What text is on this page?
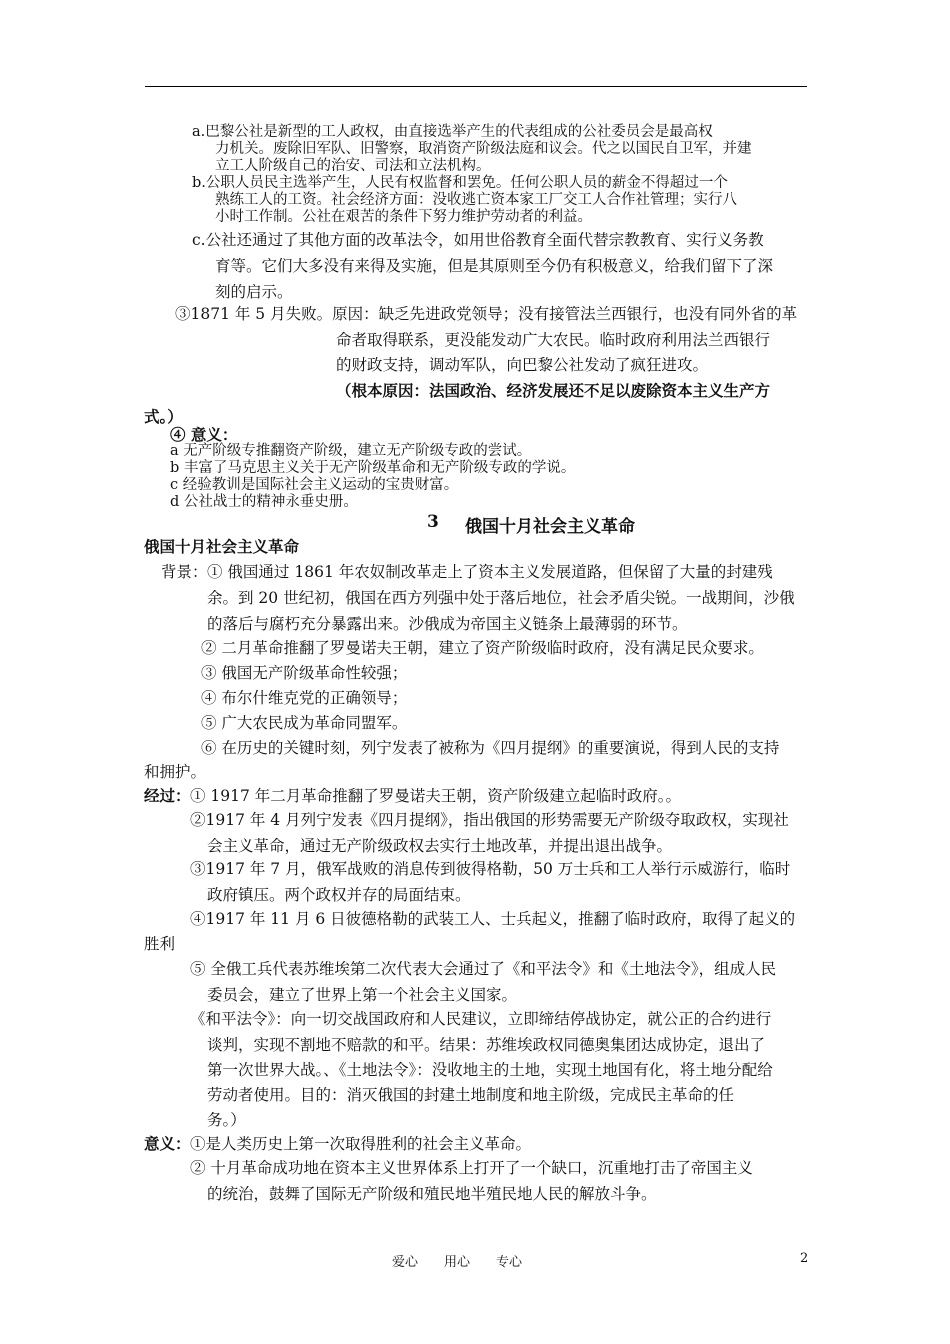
a.巴黎公社是新型的工人政权，由直接选举产生的代表组成的公社委员会是最高权
力机关。废除旧军队、旧警察，取消资产阶级法庭和议会。代之以国民自卫军，并建
立工人阶级自己的治安、司法和立法机构。
b.公职人员民主选举产生，人民有权监督和罢免。任何公职人员的薪金不得超过一个
熟练工人的工资。社会经济方面：没收逃亡资本家工厂交工人合作社管理；实行八
小时工作制。公社在艰苦的条件下努力维护劳动者的利益。
c.公社还通过了其他方面的改革法令，如用世俗教育全面代替宗教教育、实行义务教
育等。它们大多没有来得及实施，但是其原则至今仍有积极意义，给我们留下了深
刻的启示。
③1871 年 5 月失败。原因：缺乏先进政党领导；没有接管法兰西银行，也没有同外省的革
命者取得联系，更没能发动广大农民。临时政府利用法兰西银行
的财政支持，调动军队，向巴黎公社发动了疯狂进攻。
（根本原因：法国政治、经济发展还不足以废除资本主义生产方
式。）
④ 意义：
a 无产阶级专推翻资产阶级，建立无产阶级专政的尝试。
b 丰富了马克思主义关于无产阶级革命和无产阶级专政的学说。
c 经验教训是国际社会主义运动的宝贵财富。
d 公社战士的精神永垂史册。
3 俄国十月社会主义革命
俄国十月社会主义革命
背景： ① 俄国通过 1861 年农奴制改革走上了资本主义发展道路，但保留了大量的封建残
余。到 20 世纪初，俄国在西方列强中处于落后地位，社会矛盾尖锐。一战期间，沙俄
的落后与腐朽充分暴露出来。沙俄成为帝国主义链条上最薄弱的环节。
② 二月革命推翻了罗曼诺夫王朝，建立了资产阶级临时政府，没有满足民众要求。
③ 俄国无产阶级革命性较强；
④ 布尔什维克党的正确领导；
⑤ 广大农民成为革命同盟军。
⑥ 在历史的关键时刻，列宁发表了被称为《四月提纲》的重要演说，得到人民的支持
和拥护。
经过： ① 1917 年二月革命推翻了罗曼诺夫王朝，资产阶级建立起临时政府。。
②1917 年 4 月列宁发表《四月提纲》，指出俄国的形势需要无产阶级夺取政权，实现社
会主义革命，通过无产阶级政权去实行土地改革，并提出退出战争。
③1917 年 7 月，俄军战败的消息传到彼得格勒，50 万士兵和工人举行示威游行，临时
政府镇压。两个政权并存的局面结束。
④1917 年 11 月 6 日彼德格勒的武装工人、士兵起义，推翻了临时政府，取得了起义的
胜利
⑤ 全俄工兵代表苏维埃第二次代表大会通过了《和平法令》和《土地法令》，组成人民
委员会，建立了世界上第一个社会主义国家。
《和平法令》：向一切交战国政府和人民建议，立即缔结停战协定，就公正的合约进行
谈判，实现不割地不赔款的和平。结果：苏维埃政权同德奥集团达成协定，退出了
第一次世界大战。、《土地法令》：没收地主的土地，实现土地国有化，将土地分配给
劳动者使用。目的：消灭俄国的封建土地制度和地主阶级，完成民主革命的任
务。）
意义： ①是人类历史上第一次取得胜利的社会主义革命。
② 十月革命成功地在资本主义世界体系上打开了一个缺口，沉重地打击了帝国主义
的统治，鼓舞了国际无产阶级和殖民地半殖民地人民的解放斗争。
爱心　　用心　　专心	2
